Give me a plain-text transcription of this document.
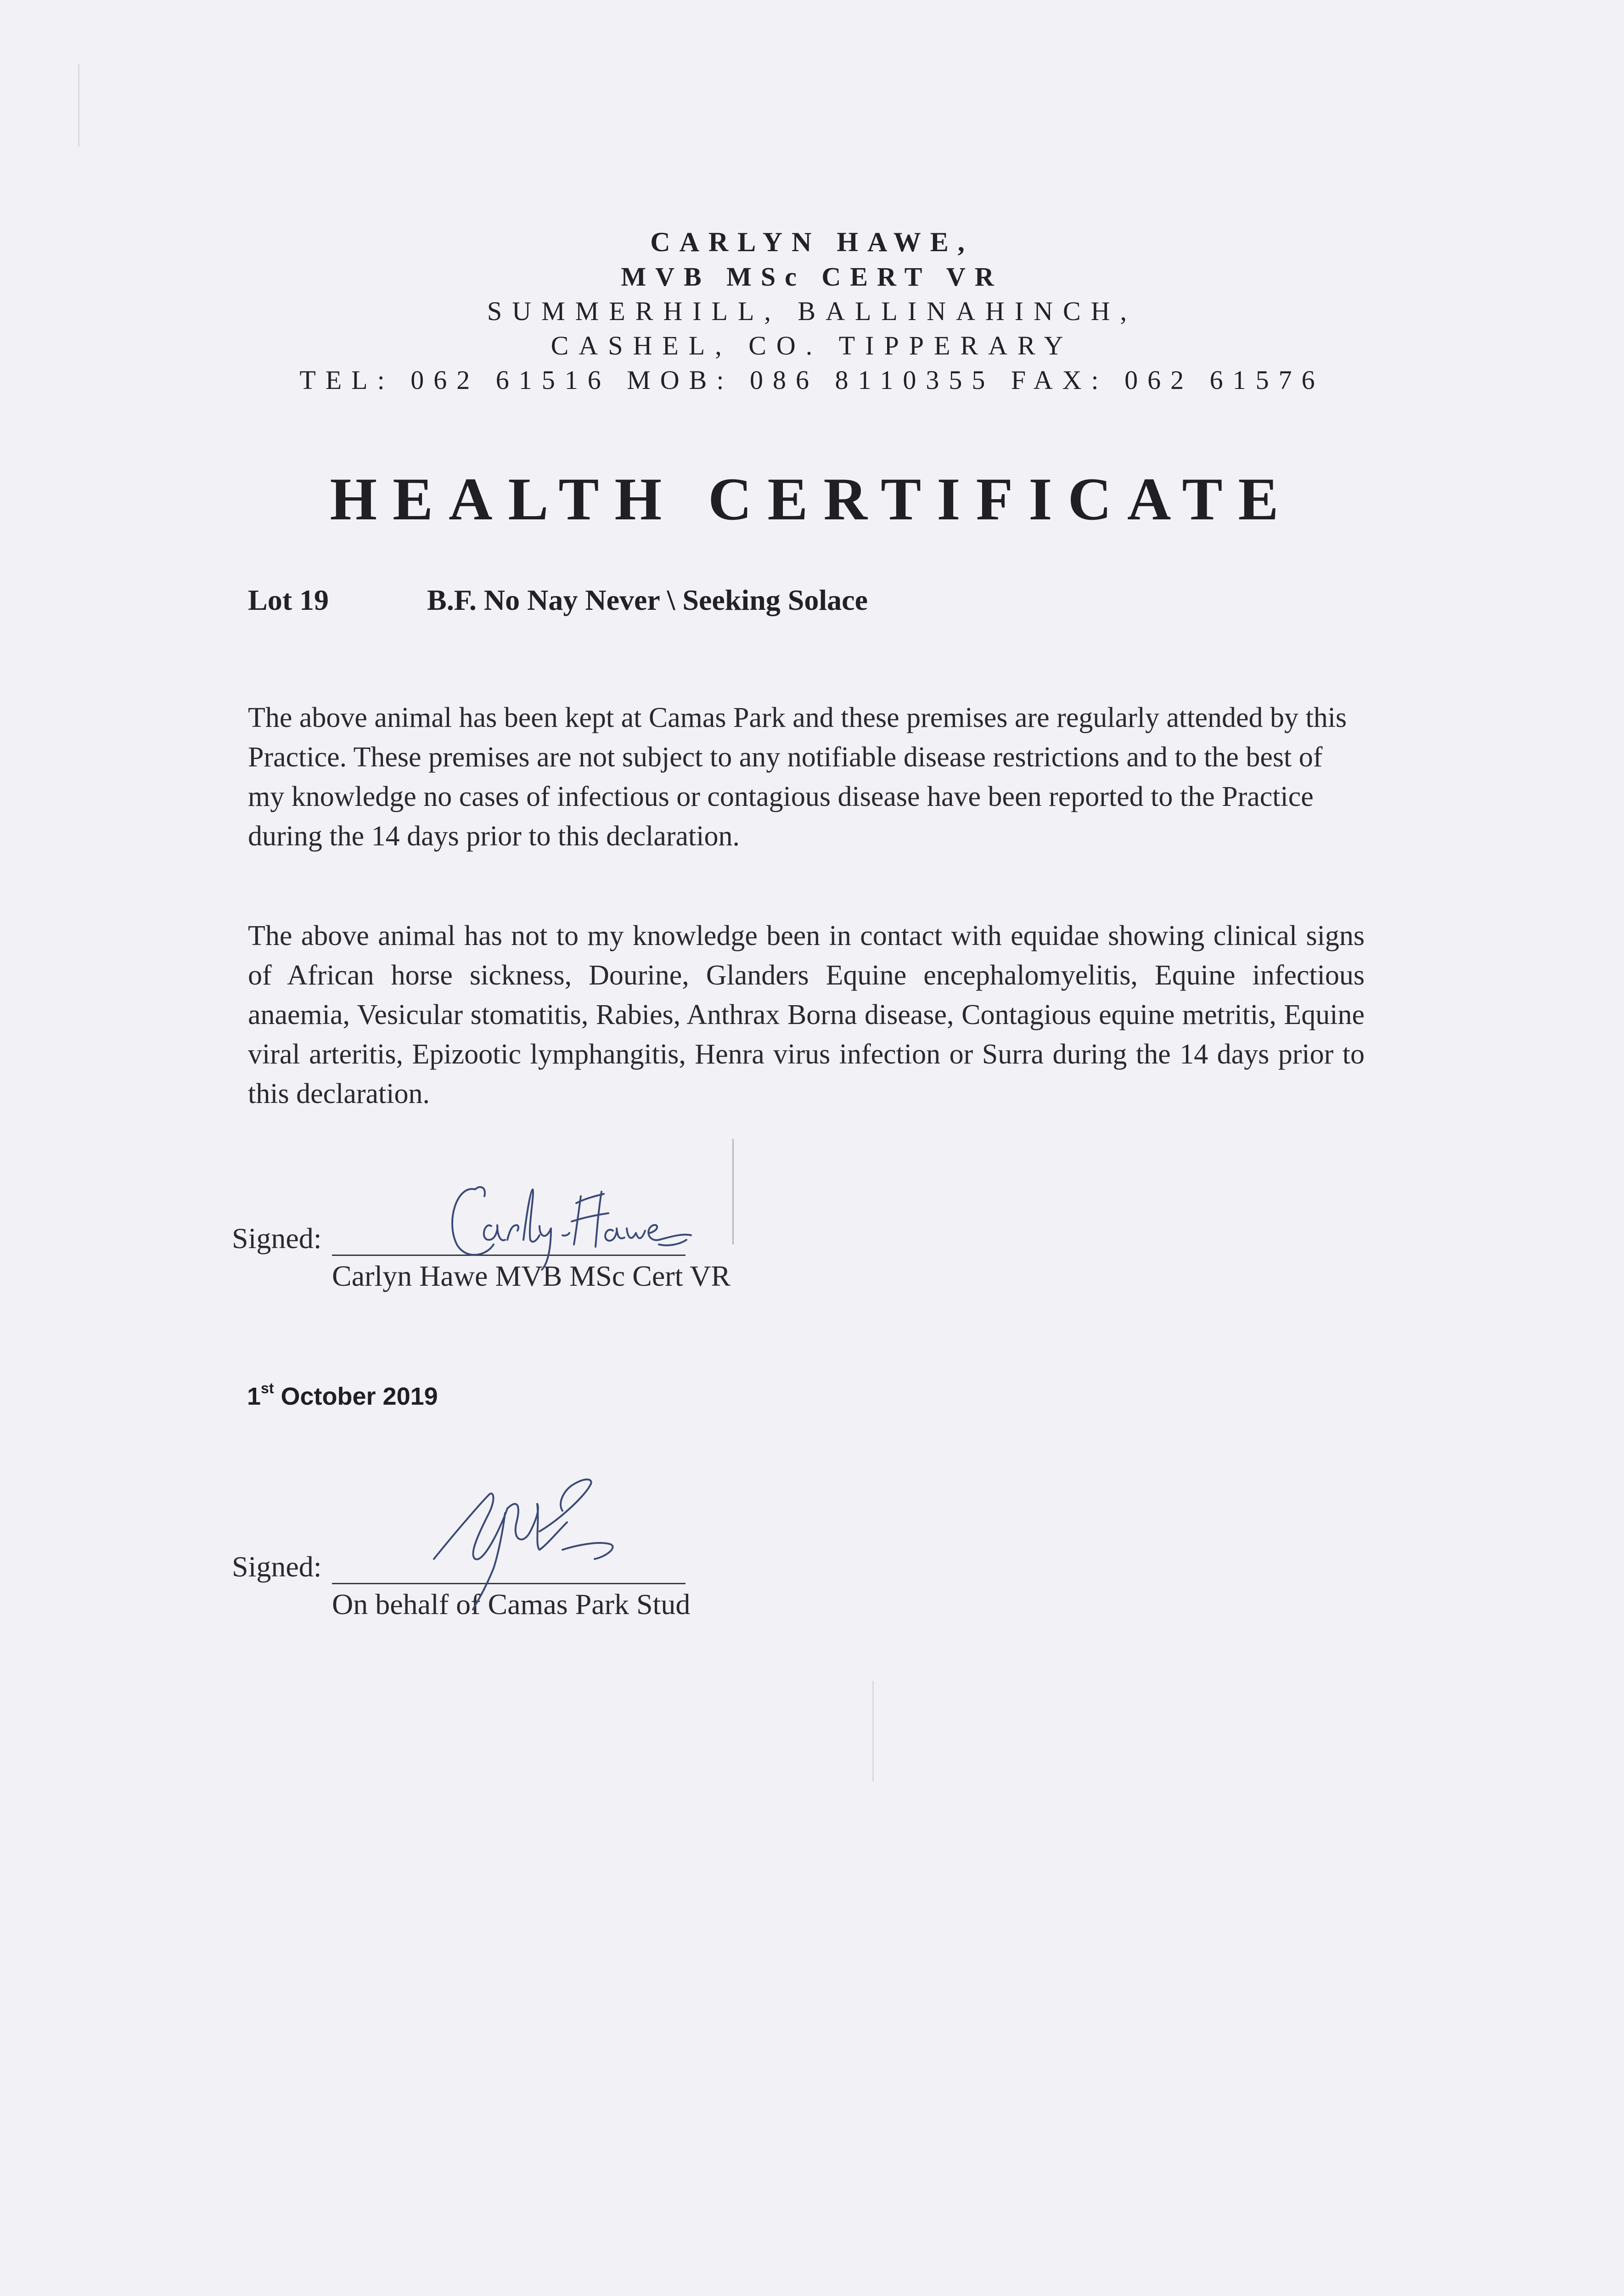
CARLYN HAWE,
MVB MSc CERT VR
SUMMERHILL, BALLINAHINCH,
CASHEL, CO. TIPPERARY
TEL: 062 61516 MOB: 086 8110355 FAX: 062 61576
HEALTH CERTIFICATE
Lot 19	B.F. No Nay Never \ Seeking Solace
The above animal has been kept at Camas Park and these premises are regularly attended by this Practice. These premises are not subject to any notifiable disease restrictions and to the best of my knowledge no cases of infectious or contagious disease have been reported to the Practice during the 14 days prior to this declaration.
The above animal has not to my knowledge been in contact with equidae showing clinical signs of African horse sickness, Dourine, Glanders Equine encephalomyelitis, Equine infectious anaemia, Vesicular stomatitis, Rabies, Anthrax Borna disease, Contagious equine metritis, Equine viral arteritis, Epizootic lymphangitis, Henra virus infection or Surra during the 14 days prior to this declaration.
Signed:
Carlyn Hawe MVB MSc Cert VR
1st October 2019
Signed:
On behalf of Camas Park Stud
